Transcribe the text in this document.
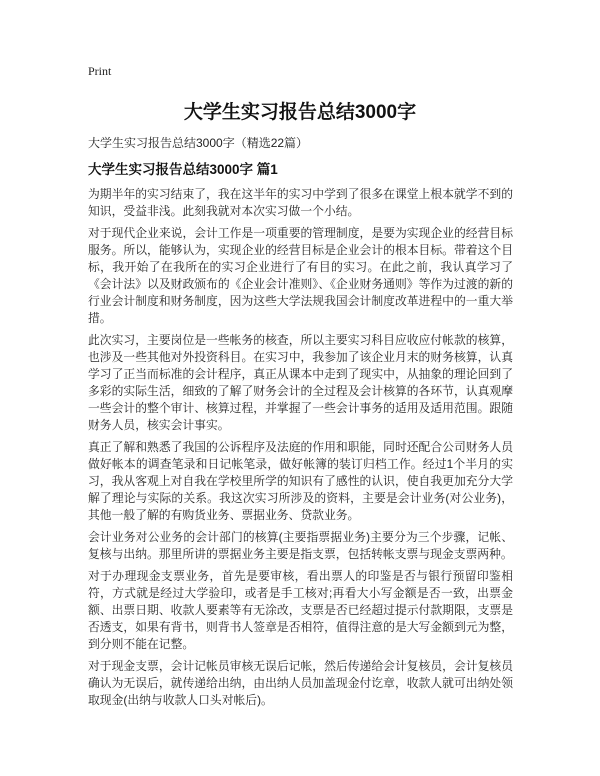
Print
大学生实习报告总结3000字
大学生实习报告总结3000字（精选22篇）
大学生实习报告总结3000字 篇1

为期半年的实习结束了，我在这半年的实习中学到了很多在课堂上根本就学不到的知识，受益非浅。此刻我就对本次实习做一个小结。

对于现代企业来说，会计工作是一项重要的管理制度，是要为实现企业的经营目标服务。所以，能够认为，实现企业的经营目标是企业会计的根本目标。带着这个目标，我开始了在我所在的实习企业进行了有目的实习。在此之前，我认真学习了《会计法》以及财政颁布的《企业会计准则》、《企业财务通则》等作为过渡的新的行业会计制度和财务制度，因为这些大学法规我国会计制度改革进程中的一重大举措。

此次实习，主要岗位是一些帐务的核查，所以主要实习科目应收应付帐款的核算，也涉及一些其他对外投资科目。在实习中，我参加了该企业月末的财务核算，认真学习了正当而标准的会计程序，真正从课本中走到了现实中，从抽象的理论回到了多彩的实际生活，细致的了解了财务会计的全过程及会计核算的各环节，认真观摩一些会计的整个审计、核算过程，并掌握了一些会计事务的适用及适用范围。跟随财务人员，核实会计事实。

真正了解和熟悉了我国的公诉程序及法庭的作用和职能，同时还配合公司财务人员做好帐本的调查笔录和日记帐笔录，做好帐簿的装订归档工作。经过1个半月的实习，我从客观上对自我在学校里所学的知识有了感性的认识，使自我更加充分大学解了理论与实际的关系。我这次实习所涉及的资料，主要是会计业务(对公业务)，其他一般了解的有购货业务、票据业务、贷款业务。

会计业务对公业务的会计部门的核算(主要指票据业务)主要分为三个步骤，记帐、复核与出纳。那里所讲的票据业务主要是指支票，包括转帐支票与现金支票两种。

对于办理现金支票业务，首先是要审核，看出票人的印鉴是否与银行预留印鉴相符，方式就是经过大学验印，或者是手工核对;再看大小写金额是否一致，出票金额、出票日期、收款人要素等有无涂改，支票是否已经超过提示付款期限，支票是否透支，如果有背书，则背书人签章是否相符，值得注意的是大写金额到元为整，到分则不能在记整。

对于现金支票，会计记帐员审核无误后记帐，然后传递给会计复核员，会计复核员确认为无误后，就传递给出纳，由出纳人员加盖现金付讫章，收款人就可出纳处领取现金(出纳与收款人口头对帐后)。
